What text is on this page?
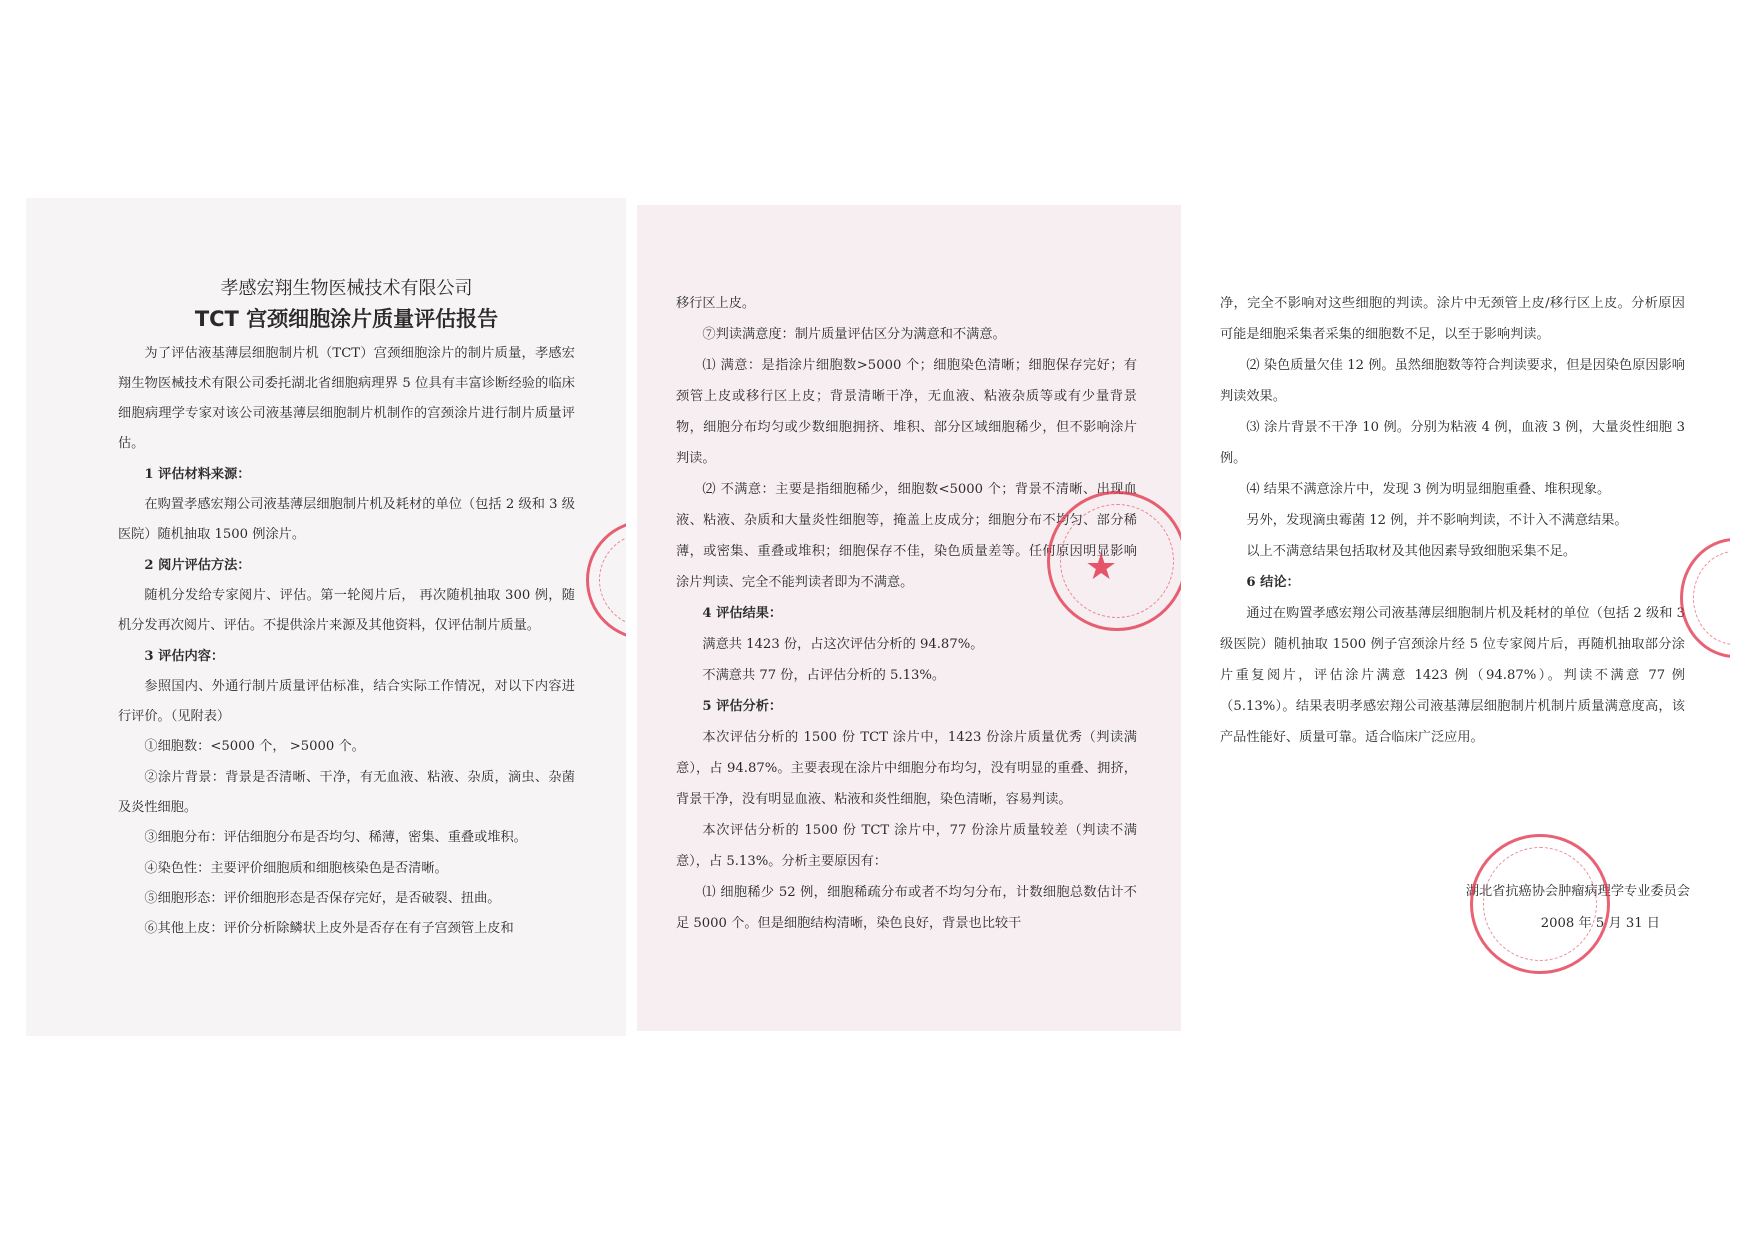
孝感宏翔生物医械技术有限公司

TCT 宫颈细胞涂片质量评估报告

为了评估液基薄层细胞制片机（TCT）宫颈细胞涂片的制片质量，孝感宏翔生物医械技术有限公司委托湖北省细胞病理界 5 位具有丰富诊断经验的临床细胞病理学专家对该公司液基薄层细胞制片机制作的宫颈涂片进行制片质量评估。

1 评估材料来源：

在购置孝感宏翔公司液基薄层细胞制片机及耗材的单位（包括 2 级和 3 级医院）随机抽取 1500 例涂片。

2 阅片评估方法：

随机分发给专家阅片、评估。第一轮阅片后， 再次随机抽取 300 例，随机分发再次阅片、评估。不提供涂片来源及其他资料，仅评估制片质量。

3 评估内容：

参照国内、外通行制片质量评估标准，结合实际工作情况，对以下内容进行评价。（见附表）

①细胞数：<5000 个， >5000 个。

②涂片背景：背景是否清晰、干净，有无血液、粘液、杂质，滴虫、杂菌及炎性细胞。

③细胞分布：评估细胞分布是否均匀、稀薄，密集、重叠或堆积。

④染色性：主要评价细胞质和细胞核染色是否清晰。

⑤细胞形态：评价细胞形态是否保存完好，是否破裂、扭曲。

⑥其他上皮：评价分析除鳞状上皮外是否存在有子宫颈管上皮和

移行区上皮。

⑦判读满意度：制片质量评估区分为满意和不满意。

⑴ 满意：是指涂片细胞数>5000 个；细胞染色清晰；细胞保存完好；有颈管上皮或移行区上皮；背景清晰干净，无血液、粘液杂质等或有少量背景物，细胞分布均匀或少数细胞拥挤、堆积、部分区域细胞稀少，但不影响涂片判读。

⑵ 不满意：主要是指细胞稀少，细胞数<5000 个；背景不清晰、出现血液、粘液、杂质和大量炎性细胞等，掩盖上皮成分；细胞分布不均匀、部分稀薄，或密集、重叠或堆积；细胞保存不佳，染色质量差等。任何原因明显影响涂片判读、完全不能判读者即为不满意。

4 评估结果：

满意共 1423 份，占这次评估分析的 94.87%。

不满意共 77 份，占评估分析的 5.13%。

5 评估分析：

本次评估分析的 1500 份 TCT 涂片中，1423 份涂片质量优秀（判读满意），占 94.87%。主要表现在涂片中细胞分布均匀，没有明显的重叠、拥挤，背景干净，没有明显血液、粘液和炎性细胞，染色清晰，容易判读。

本次评估分析的 1500 份 TCT 涂片中，77 份涂片质量较差（判读不满意），占 5.13%。分析主要原因有：

⑴ 细胞稀少 52 例，细胞稀疏分布或者不均匀分布，计数细胞总数估计不足 5000 个。但是细胞结构清晰，染色良好，背景也比较干

★

净，完全不影响对这些细胞的判读。涂片中无颈管上皮/移行区上皮。分析原因可能是细胞采集者采集的细胞数不足，以至于影响判读。

⑵ 染色质量欠佳 12 例。虽然细胞数等符合判读要求，但是因染色原因影响判读效果。

⑶ 涂片背景不干净 10 例。分别为粘液 4 例，血液 3 例，大量炎性细胞 3 例。

⑷ 结果不满意涂片中，发现 3 例为明显细胞重叠、堆积现象。

另外，发现滴虫霉菌 12 例，并不影响判读，不计入不满意结果。

以上不满意结果包括取材及其他因素导致细胞采集不足。

6 结论：

通过在购置孝感宏翔公司液基薄层细胞制片机及耗材的单位（包括 2 级和 3 级医院）随机抽取 1500 例子宫颈涂片经 5 位专家阅片后，再随机抽取部分涂片重复阅片，评估涂片满意 1423 例（94.87%）。判读不满意 77 例（5.13%）。结果表明孝感宏翔公司液基薄层细胞制片机制片质量满意度高，该产品性能好、质量可靠。适合临床广泛应用。

湖北省抗癌协会肿瘤病理学专业委员会

2008 年 5 月 31 日
